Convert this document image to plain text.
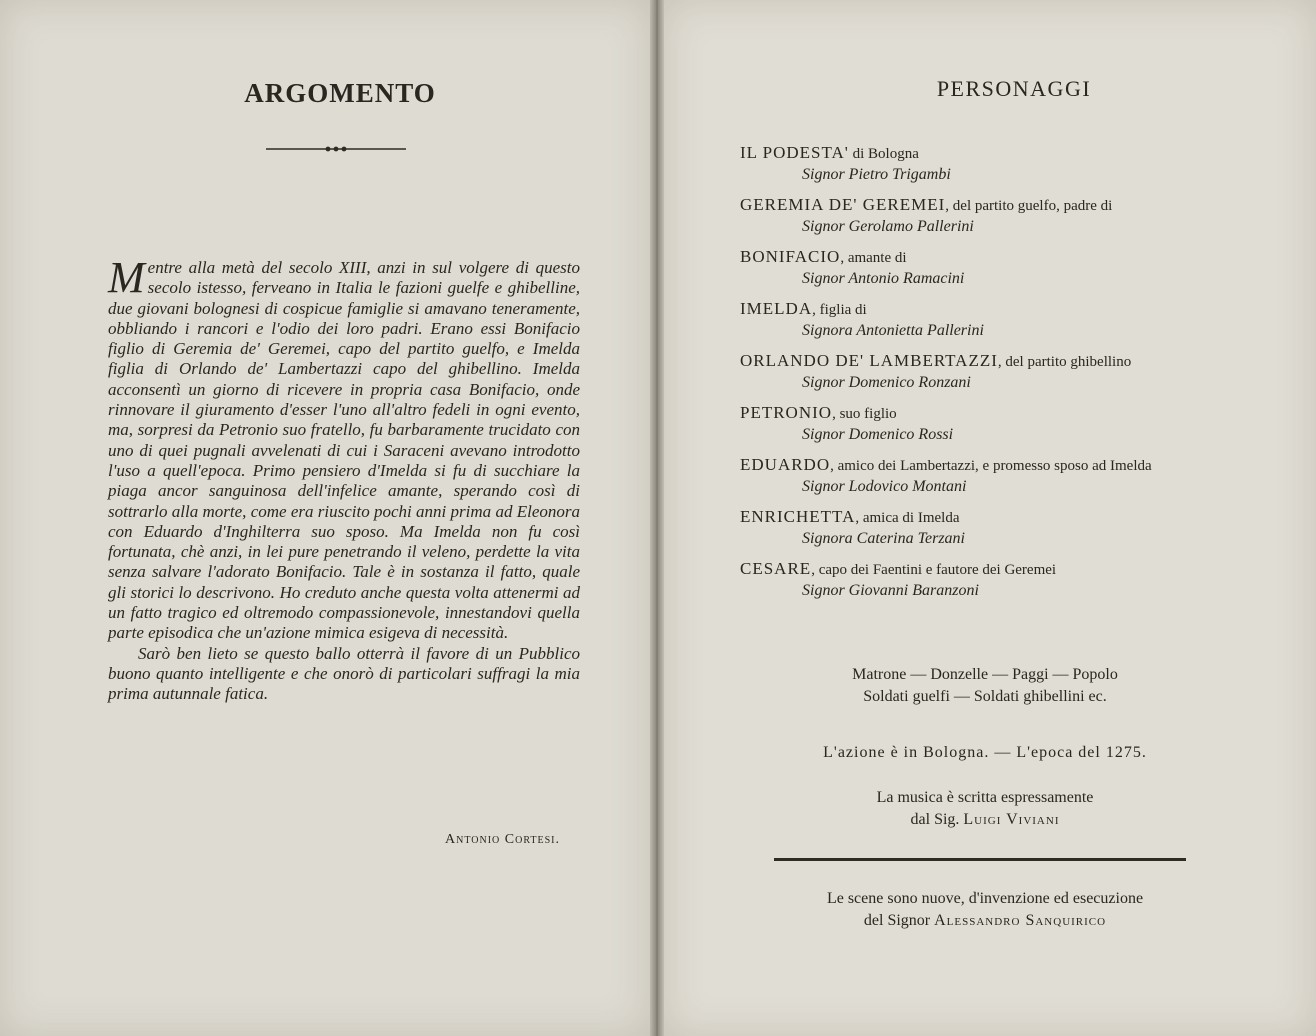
ARGOMENTO

Mentre alla metà del secolo XIII, anzi in sul volgere di questo secolo istesso, ferveano in Italia le fazioni guelfe e ghibelline, due giovani bolognesi di cospicue famiglie si amavano teneramente, obbliando i rancori e l'odio dei loro padri. Erano essi Bonifacio figlio di Geremia de' Geremei, capo del partito guelfo, e Imelda figlia di Orlando de' Lambertazzi capo del ghibellino. Imelda acconsentì un giorno di ricevere in propria casa Bonifacio, onde rinnovare il giuramento d'esser l'uno all'altro fedeli in ogni evento, ma, sorpresi da Petronio suo fratello, fu barbaramente trucidato con uno di quei pugnali avvelenati di cui i Saraceni avevano introdotto l'uso a quell'epoca. Primo pensiero d'Imelda si fu di succhiare la piaga ancor sanguinosa dell'infelice amante, sperando così di sottrarlo alla morte, come era riuscito pochi anni prima ad Eleonora con Eduardo d'Inghilterra suo sposo. Ma Imelda non fu così fortunata, chè anzi, in lei pure penetrando il veleno, perdette la vita senza salvare l'adorato Bonifacio. Tale è in sostanza il fatto, quale gli storici lo descrivono. Ho creduto anche questa volta attenermi ad un fatto tragico ed oltremodo compassionevole, innestandovi quella parte episodica che un'azione mimica esigeva di necessità.

Sarò ben lieto se questo ballo otterrà il favore di un Pubblico buono quanto intelligente e che onorò di particolari suffragi la mia prima autunnale fatica.

Antonio Cortesi.
PERSONAGGI
IL PODESTA' di Bologna
Signor Pietro Trigambi
GEREMIA DE' GEREMEI, del partito guelfo, padre di
Signor Gerolamo Pallerini
BONIFACIO, amante di
Signor Antonio Ramacini
IMELDA, figlia di
Signora Antonietta Pallerini
ORLANDO DE' LAMBERTAZZI, del partito ghibellino
Signor Domenico Ronzani
PETRONIO, suo figlio
Signor Domenico Rossi
EDUARDO, amico dei Lambertazzi, e promesso sposo ad Imelda
Signor Lodovico Montani
ENRICHETTA, amica di Imelda
Signora Caterina Terzani
CESARE, capo dei Faentini e fautore dei Geremei
Signor Giovanni Baranzoni
Matrone — Donzelle — Paggi — Popolo
Soldati guelfi — Soldati ghibellini ec.
L'azione è in Bologna. — L'epoca del 1275.
La musica è scritta espressamente
dal Sig. Luigi Viviani
Le scene sono nuove, d'invenzione ed esecuzione
del Signor Alessandro Sanquirico
